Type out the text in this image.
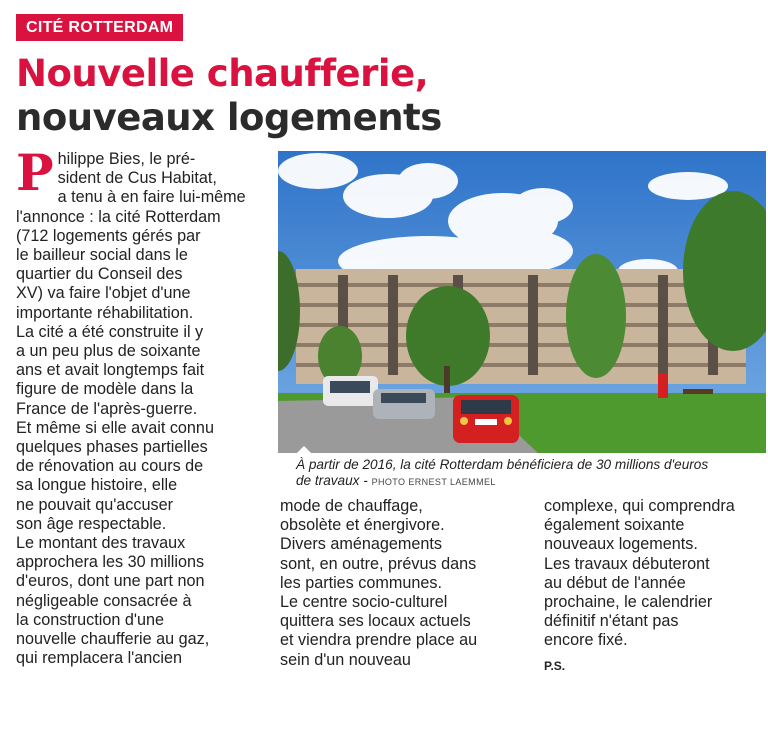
CITÉ ROTTERDAM
Nouvelle chaufferie,
nouveaux logements
P hilippe Bies, le pré-
sident de Cus Habitat,
a tenu à en faire lui-même
l'annonce : la cité Rotterdam
(712 logements gérés par
le bailleur social dans le
quartier du Conseil des
XV) va faire l'objet d'une
importante réhabilitation.
La cité a été construite il y
a un peu plus de soixante
ans et avait longtemps fait
figure de modèle dans la
France de l'après-guerre.
Et même si elle avait connu
quelques phases partielles
de rénovation au cours de
sa longue histoire, elle
ne pouvait qu'accuser
son âge respectable.
Le montant des travaux
approchera les 30 millions
d'euros, dont une part non
négligeable consacrée à
la construction d'une
nouvelle chaufferie au gaz,
qui remplacera l'ancien
À partir de 2016, la cité Rotterdam bénéficiera de 30 millions d'euros
de travaux - PHOTO ERNEST LAEMMEL
mode de chauffage,
obsolète et énergivore.
Divers aménagements
sont, en outre, prévus dans
les parties communes.
Le centre socio-culturel
quittera ses locaux actuels
et viendra prendre place au
sein d'un nouveau
complexe, qui comprendra
également soixante
nouveaux logements.
Les travaux débuteront
au début de l'année
prochaine, le calendrier
définitif n'étant pas
encore fixé.
P.S.
